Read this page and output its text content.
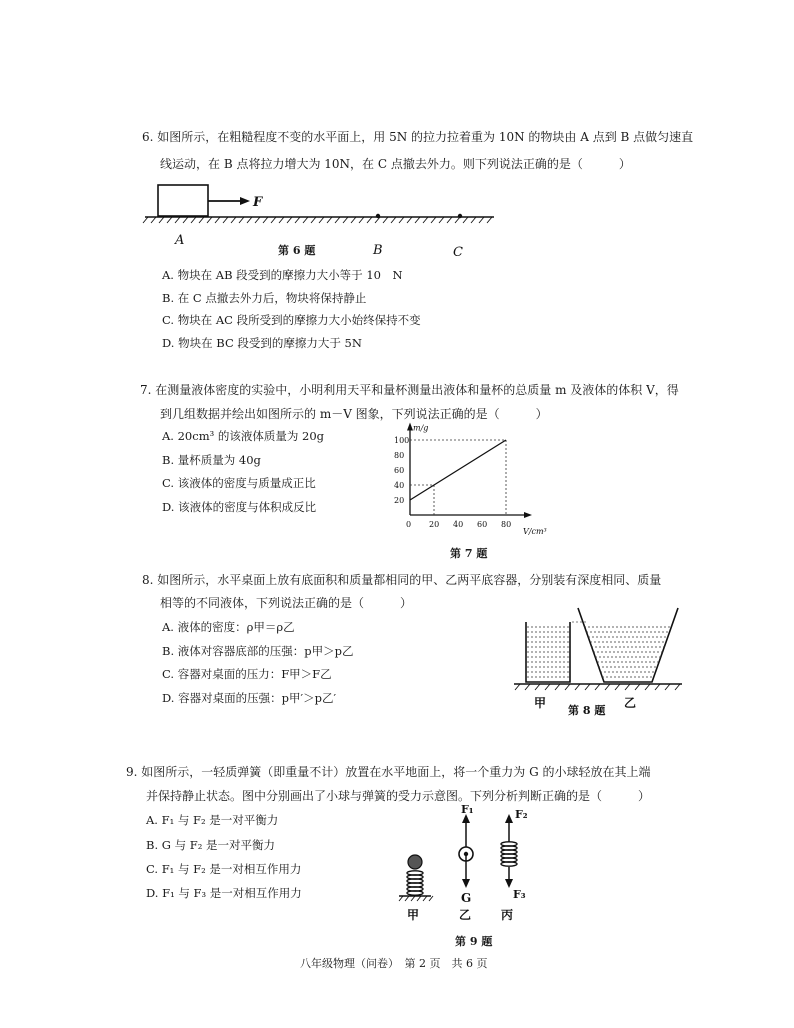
6. 如图所示，在粗糙程度不变的水平面上，用 5N 的拉力拉着重为 10N 的物块由 A 点到 B 点做匀速直
线运动，在 B 点将拉力增大为 10N，在 C 点撤去外力。则下列说法正确的是（　　　）
F
A
B	C
第 6 题
A. 物块在 AB 段受到的摩擦力大小等于 10　N
B. 在 C 点撤去外力后，物块将保持静止
C. 物块在 AC 段所受到的摩擦力大小始终保持不变
D. 物块在 BC 段受到的摩擦力大于 5N
7. 在测量液体密度的实验中，小明利用天平和量杯测量出液体和量杯的总质量 m 及液体的体积 V，得
到几组数据并绘出如图所示的 m－V 图象，下列说法正确的是（　　　）
A. 20cm³ 的该液体质量为 20g
B. 量杯质量为 40g
C. 该液体的密度与质量成正比
D. 该液体的密度与体积成反比
20 40 60 80
20
40
60
80
100
0
m/g
V/cm³
第 7 题
8. 如图所示，水平桌面上放有底面积和质量都相同的甲、乙两平底容器，分别装有深度相同、质量
相等的不同液体，下列说法正确的是（　　　）
A. 液体的密度：ρ甲＝ρ乙
B. 液体对容器底部的压强：p甲＞p乙
C. 容器对桌面的压力：F甲＞F乙
D. 容器对桌面的压强：p甲′＞p乙′	甲
第 8 题
乙
9. 如图所示，一轻质弹簧（即重量不计）放置在水平地面上，将一个重力为 G 的小球轻放在其上端
并保持静止状态。图中分别画出了小球与弹簧的受力示意图。下列分析判断正确的是（　　　）
A. F₁ 与 F₂ 是一对平衡力
B. G 与 F₂ 是一对平衡力
C. F₁ 与 F₂ 是一对相互作用力
D. F₁ 与 F₃ 是一对相互作用力
F₁
G
F₂
F₃
甲	乙 丙
第 9 题
八年级物理（问卷）　第 2 页　共 6 页
